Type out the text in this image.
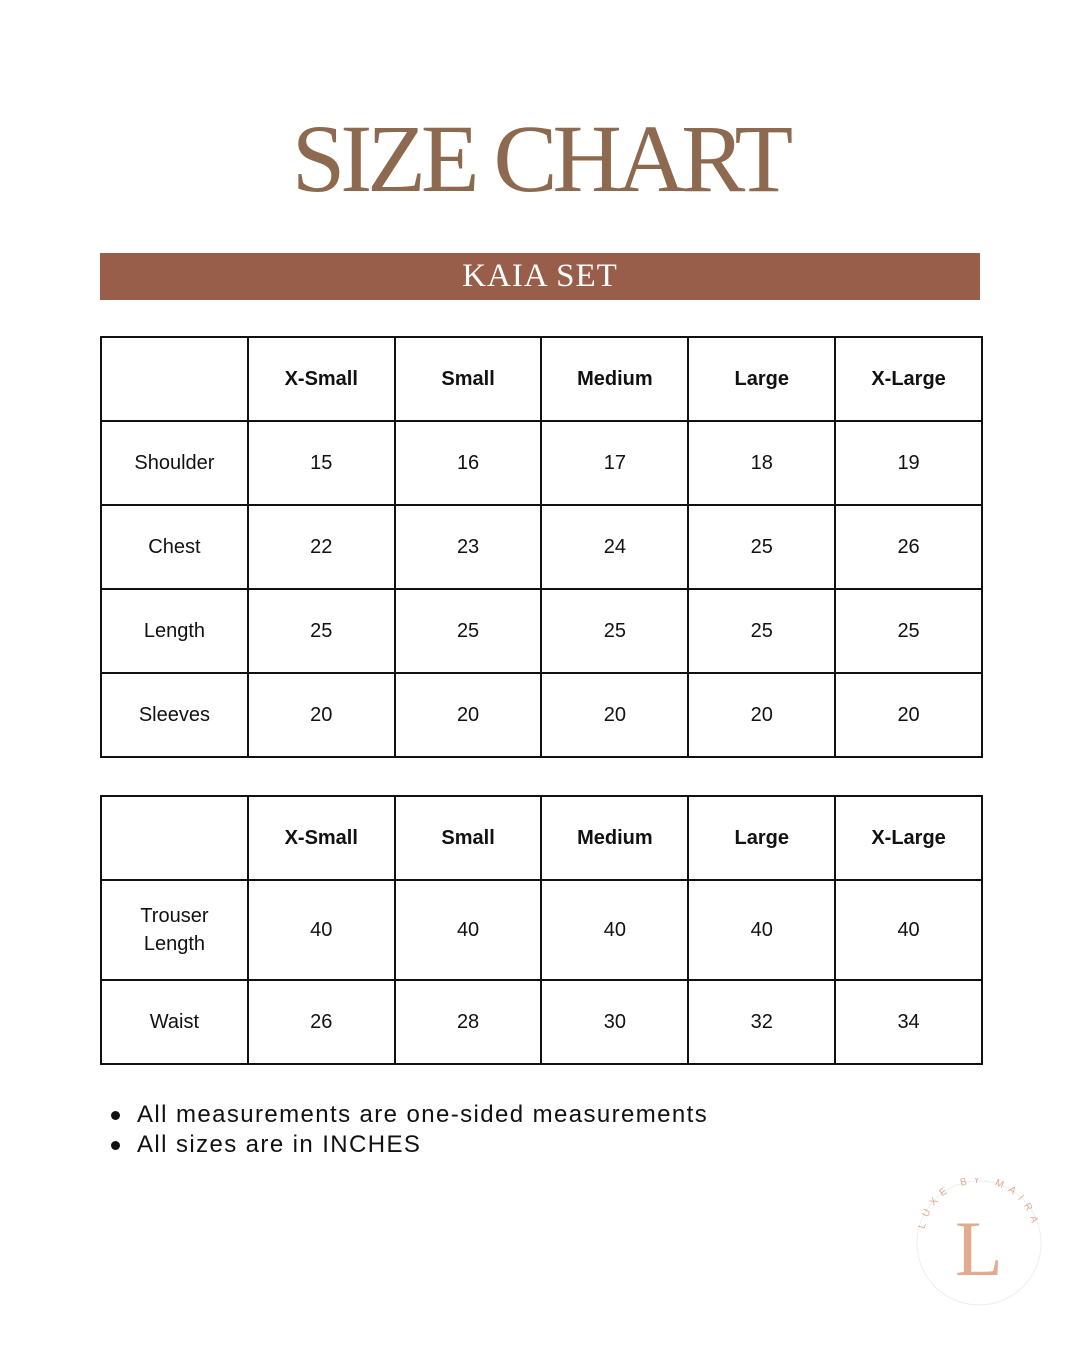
SIZE CHART
KAIA SET
	X-Small	Small	Medium	Large	X-Large
Shoulder	15	16	17	18	19
Chest	22	23	24	25	26
Length	25	25	25	25	25
Sleeves	20	20	20	20	20
	X-Small	Small	Medium	Large	X-Large
Trouser Length	40	40	40	40	40
Waist	26	28	30	32	34
All measurements are one-sided measurements
All sizes are in INCHES
LUXE BY MAIRA
L
